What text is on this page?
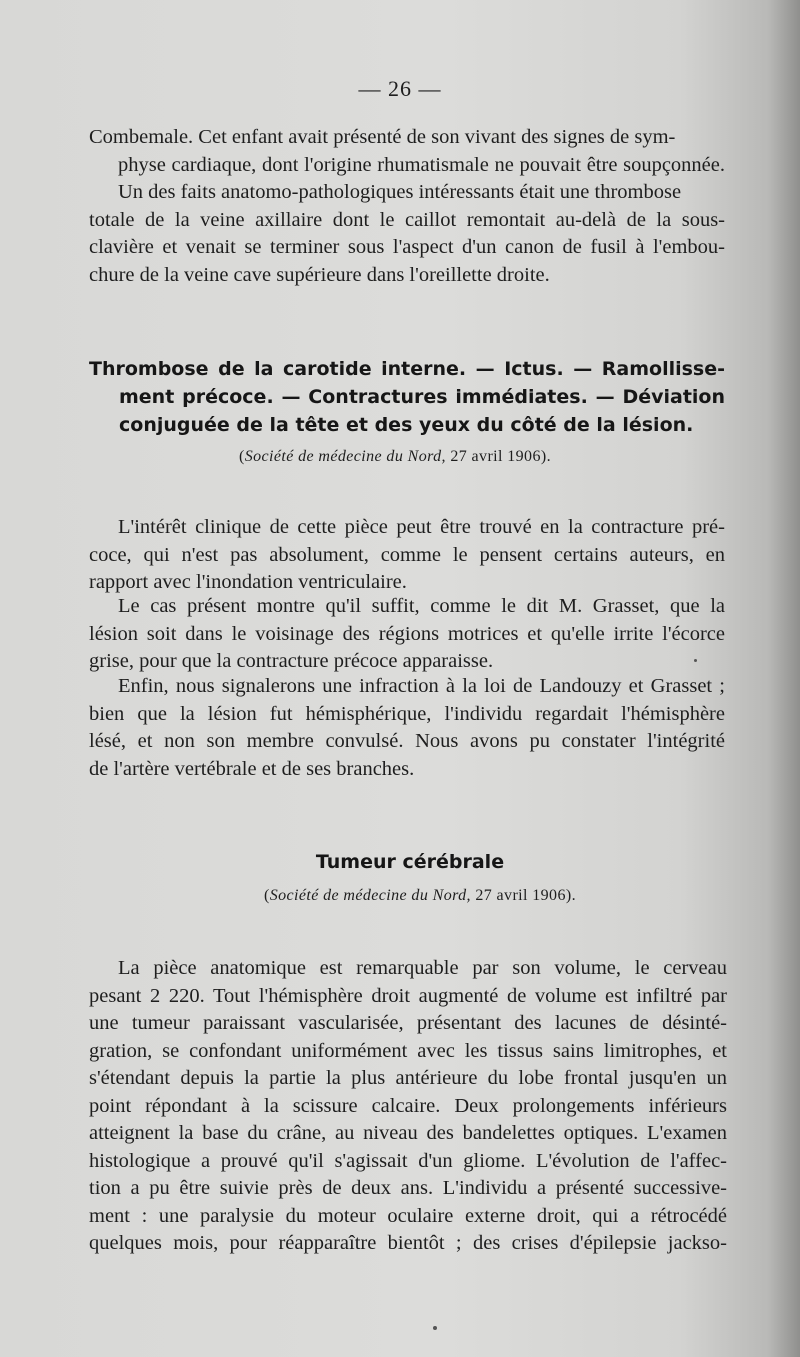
— 26 —
Combemale. Cet enfant avait présenté de son vivant des signes de sym-
physe cardiaque, dont l'origine rhumatismale ne pouvait être soupçonnée.
Un des faits anatomo-pathologiques intéressants était une thrombose
totale de la veine axillaire dont le caillot remontait au-delà de la sous-
clavière et venait se terminer sous l'aspect d'un canon de fusil à l'embou-
chure de la veine cave supérieure dans l'oreillette droite.
Thrombose de la carotide interne. — Ictus. — Ramollisse-
ment précoce. — Contractures immédiates. — Déviation
conjuguée de la tête et des yeux du côté de la lésion.
(Société de médecine du Nord, 27 avril 1906).
L'intérêt clinique de cette pièce peut être trouvé en la contracture pré-
coce, qui n'est pas absolument, comme le pensent certains auteurs, en
rapport avec l'inondation ventriculaire.
Le cas présent montre qu'il suffit, comme le dit M. Grasset, que la
lésion soit dans le voisinage des régions motrices et qu'elle irrite l'écorce
grise, pour que la contracture précoce apparaisse.
Enfin, nous signalerons une infraction à la loi de Landouzy et Grasset ;
bien que la lésion fut hémisphérique, l'individu regardait l'hémisphère
lésé, et non son membre convulsé. Nous avons pu constater l'intégrité
de l'artère vertébrale et de ses branches.
Tumeur cérébrale
(Société de médecine du Nord, 27 avril 1906).
La pièce anatomique est remarquable par son volume, le cerveau
pesant 2 220. Tout l'hémisphère droit augmenté de volume est infiltré par
une tumeur paraissant vascularisée, présentant des lacunes de désinté-
gration, se confondant uniformément avec les tissus sains limitrophes, et
s'étendant depuis la partie la plus antérieure du lobe frontal jusqu'en un
point répondant à la scissure calcaire. Deux prolongements inférieurs
atteignent la base du crâne, au niveau des bandelettes optiques. L'examen
histologique a prouvé qu'il s'agissait d'un gliome. L'évolution de l'affec-
tion a pu être suivie près de deux ans. L'individu a présenté successive-
ment : une paralysie du moteur oculaire externe droit, qui a rétrocédé
quelques mois, pour réapparaître bientôt ; des crises d'épilepsie jackso-
